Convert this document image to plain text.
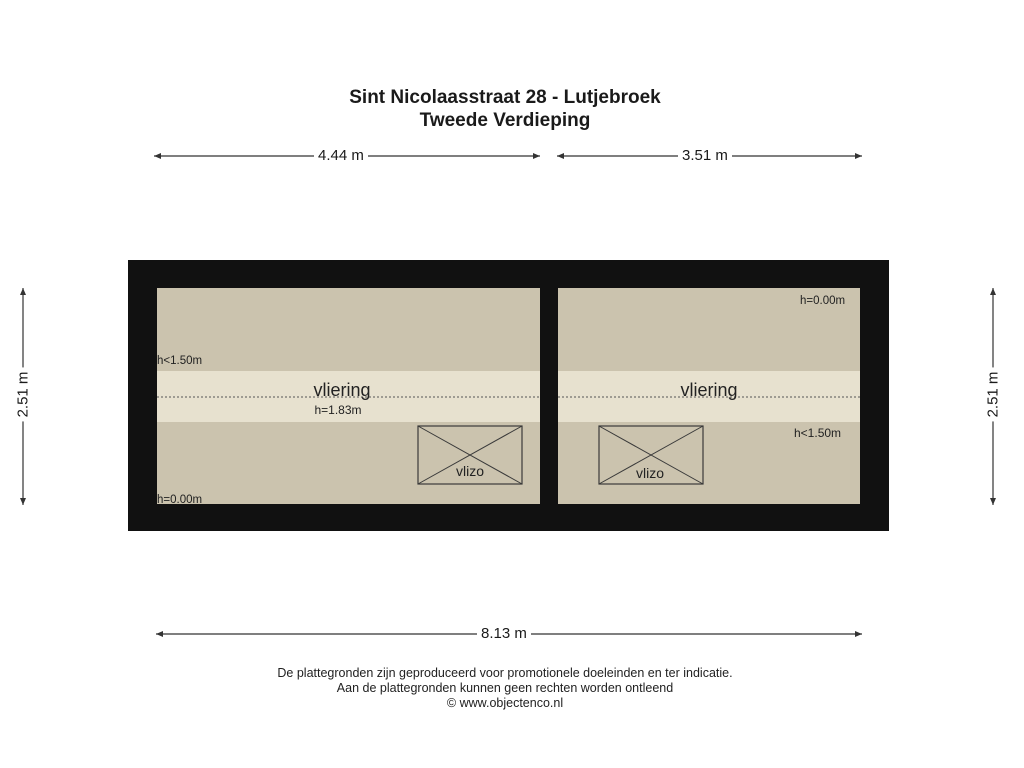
Sint Nicolaasstraat 28 - Lutjebroek
Tweede Verdieping
vliering
h=1.83m
h<1.50m
h=0.00m
vlizo
vliering
h=0.00m
h<1.50m
vlizo
4.44 m	3.51 m
8.13 m
2.51 m	2.51 m
De plattegronden zijn geproduceerd voor promotionele doeleinden en ter indicatie.
Aan de plattegronden kunnen geen rechten worden ontleend
© www.objectenco.nl
